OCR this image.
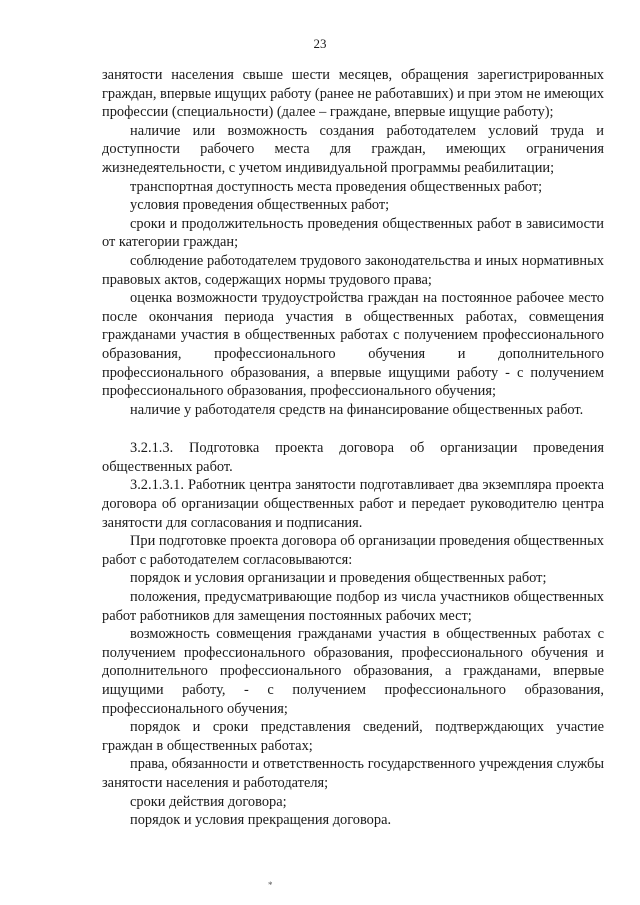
23

занятости населения свыше шести месяцев, обращения зарегистрированных граждан, впервые ищущих работу (ранее не работавших) и при этом не имеющих профессии (специальности) (далее – граждане, впервые ищущие работу);

наличие или возможность создания работодателем условий труда и доступности рабочего места для граждан, имеющих ограничения жизнедеятельности, с учетом индивидуальной программы реабилитации;

транспортная доступность места проведения общественных работ;

условия проведения общественных работ;

сроки и продолжительность проведения общественных работ в зависимости от категории граждан;

соблюдение работодателем трудового законодательства и иных нормативных правовых актов, содержащих нормы трудового права;

оценка возможности трудоустройства граждан на постоянное рабочее место после окончания периода участия в общественных работах, совмещения гражданами участия в общественных работах с получением профессионального образования, профессионального обучения и дополнительного профессионального образования, а впервые ищущими работу - с получением профессионального образования, профессионального обучения;

наличие у работодателя средств на финансирование общественных работ.

3.2.1.3. Подготовка проекта договора об организации проведения общественных работ.

3.2.1.3.1. Работник центра занятости подготавливает два экземпляра проекта договора об организации общественных работ и передает руководителю центра занятости для согласования и подписания.

При подготовке проекта договора об организации проведения общественных работ с работодателем согласовываются:

порядок и условия организации и проведения общественных работ;

положения, предусматривающие подбор из числа участников общественных работ работников для замещения постоянных рабочих мест;

возможность совмещения гражданами участия в общественных работах с получением профессионального образования, профессионального обучения и дополнительного профессионального образования, а гражданами, впервые ищущими работу, - с получением профессионального образования, профессионального обучения;

порядок и сроки представления сведений, подтверждающих участие граждан в общественных работах;

права, обязанности и ответственность государственного учреждения службы занятости населения и работодателя;

сроки действия договора;

порядок и условия прекращения договора.

*
